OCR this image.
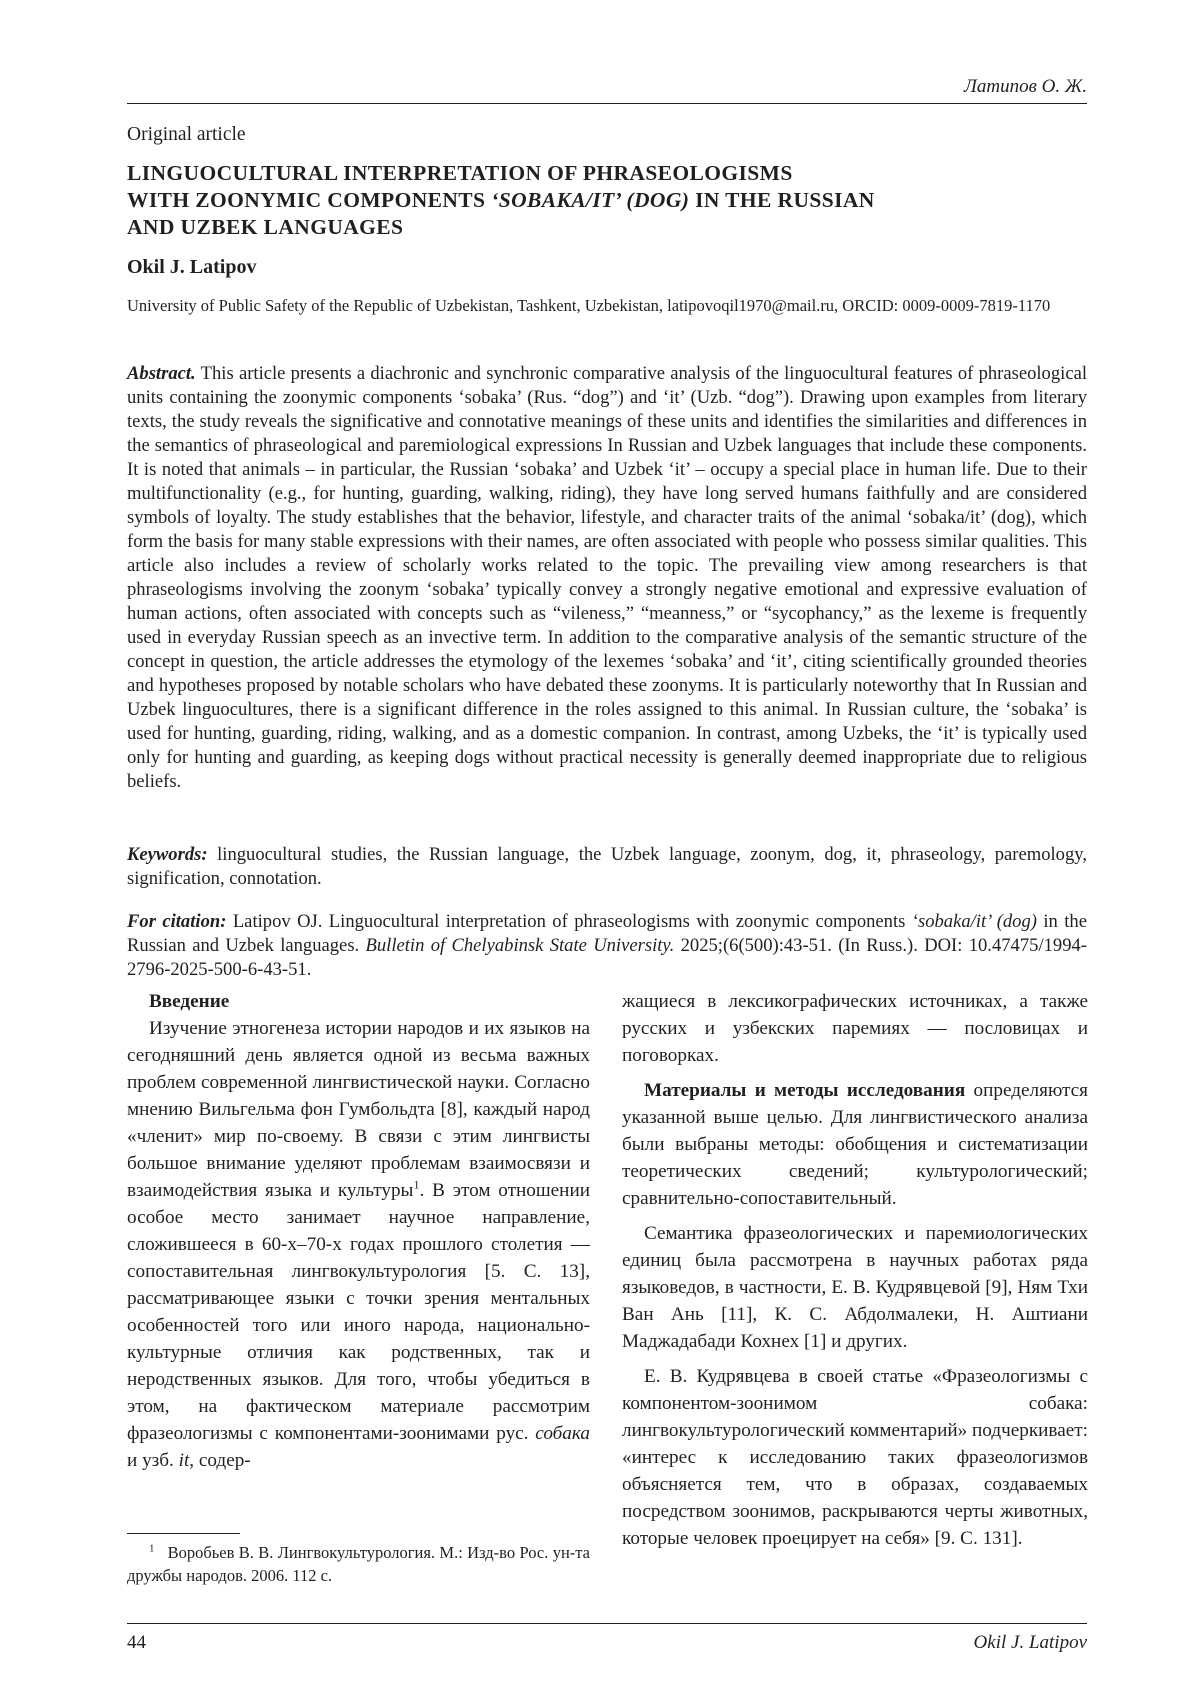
Латипов О. Ж.
Original article
LINGUOCULTURAL INTERPRETATION OF PHRASEOLOGISMS
WITH ZOONYMIC COMPONENTS ‘SOBAKA/IT’ (DOG) IN THE RUSSIAN
AND UZBEK LANGUAGES
Okil J. Latipov
University of Public Safety of the Republic of Uzbekistan, Tashkent, Uzbekistan, latipovoqil1970@mail.ru, ORCID: 0009-0009-7819-1170
Abstract. This article presents a diachronic and synchronic comparative analysis of the linguocultural features of phraseological units containing the zoonymic components ‘sobaka’ (Rus. “dog”) and ‘it’ (Uzb. “dog”). Drawing upon examples from literary texts, the study reveals the significative and connotative meanings of these units and identifies the similarities and differences in the semantics of phraseological and paremiological expressions In Russian and Uzbek languages that include these components. It is noted that animals – in particular, the Russian ‘sobaka’ and Uzbek ‘it’ – occupy a special place in human life. Due to their multifunctionality (e.g., for hunting, guarding, walking, riding), they have long served humans faithfully and are considered symbols of loyalty. The study establishes that the behavior, lifestyle, and character traits of the animal ‘sobaka/it’ (dog), which form the basis for many stable expressions with their names, are often associated with people who possess similar qualities. This article also includes a review of scholarly works related to the topic. The prevailing view among researchers is that phraseologisms involving the zoonym ‘sobaka’ typically convey a strongly negative emotional and expressive evaluation of human actions, often associated with concepts such as “vileness,” “meanness,” or “sycophancy,” as the lexeme is frequently used in everyday Russian speech as an invective term. In addition to the comparative analysis of the semantic structure of the concept in question, the article addresses the etymology of the lexemes ‘sobaka’ and ‘it’, citing scientifically grounded theories and hypotheses proposed by notable scholars who have debated these zoonyms. It is particularly noteworthy that In Russian and Uzbek linguocultures, there is a significant difference in the roles assigned to this animal. In Russian culture, the ‘sobaka’ is used for hunting, guarding, riding, walking, and as a domestic companion. In contrast, among Uzbeks, the ‘it’ is typically used only for hunting and guarding, as keeping dogs without practical necessity is generally deemed inappropriate due to religious beliefs.
Keywords: linguocultural studies, the Russian language, the Uzbek language, zoonym, dog, it, phraseology, paremology, signification, connotation.
For citation: Latipov OJ. Linguocultural interpretation of phraseologisms with zoonymic components ‘sobaka/it’ (dog) in the Russian and Uzbek languages. Bulletin of Chelyabinsk State University. 2025;(6(500):43-51. (In Russ.). DOI: 10.47475/1994-2796-2025-500-6-43-51.
Введение

Изучение этногенеза истории народов и их языков на сегодняшний день является одной из весьма важных проблем современной лингвистической науки. Согласно мнению Вильгельма фон Гумбольдта [8], каждый народ «членит» мир по-своему. В связи с этим лингвисты большое внимание уделяют проблемам взаимосвязи и взаимодействия языка и культуры$^1$. В этом отношении особое место занимает научное направление, сложившееся в 60-х–70-х годах прошлого столетия — сопоставительная лингвокультурология [5. С. 13], рассматривающее языки с точки зрения ментальных особенностей того или иного народа, национально-культурные отличия как родственных, так и неродственных языков. Для того, чтобы убедиться в этом, на фактическом материале рассмотрим фразеологизмы с компонентами-зоонимами рус. собака и узб. it, содер-

$^1$ Воробьев В. В. Лингвокультурология. М.: Изд-во Рос. ун-та дружбы народов. 2006. 112 с.

жащиеся в лексикографических источниках, а также русских и узбекских паремиях — пословицах и поговорках.

Материалы и методы исследования определяются указанной выше целью. Для лингвистического анализа были выбраны методы: обобщения и систематизации теоретических сведений; культурологический; сравнительно-сопоставительный.

Семантика фразеологических и паремиологических единиц была рассмотрена в научных работах ряда языковедов, в частности, Е. В. Кудрявцевой [9], Ням Тхи Ван Ань [11], К. С. Абдолмалеки, Н. Аштиани Маджадабади Кохнех [1] и других.

Е. В. Кудрявцева в своей статье «Фразеологизмы с компонентом-зоонимом собака: лингвокультурологический комментарий» подчеркивает: «интерес к исследованию таких фразеологизмов объясняется тем, что в образах, создаваемых посредством зоонимов, раскрываются черты животных, которые человек проецирует на себя» [9. С. 131].

44	Okil J. Latipov
